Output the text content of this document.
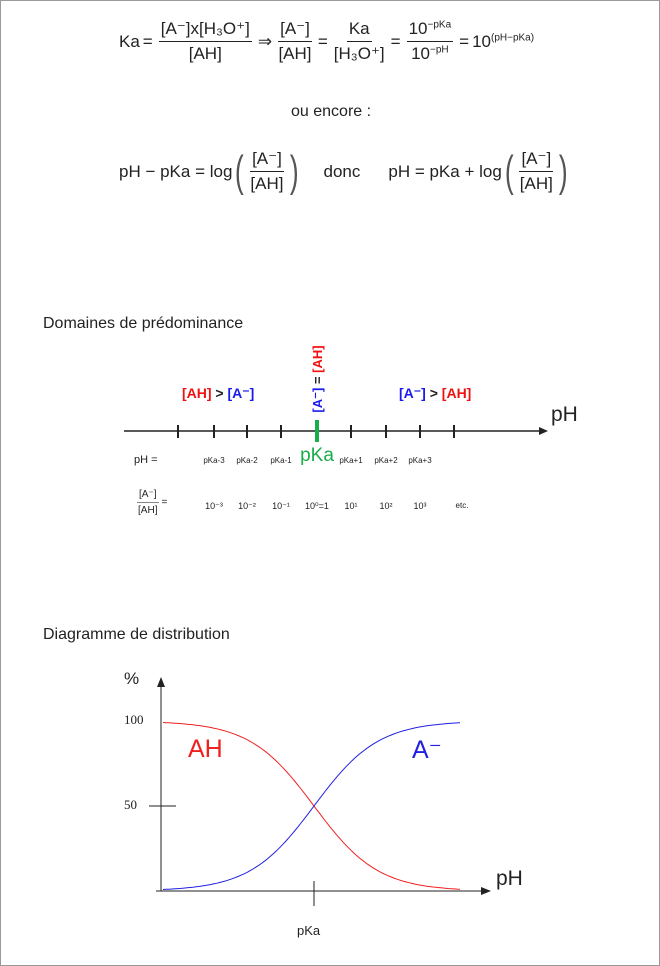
$Ka = \frac{\text{[A⁻]x[H₃O⁺]}}{[AH]}$ ⇒ $\frac{[A^-]}{[AH]} = \frac{Ka}{\text{[H₃O⁺]}} = \frac{10^{-pKa}}{10^{-pH}} = 10^{(pH-pKa)}$
ou encore :
pH − pKa = log ( $\frac{[A^-]}{[AH]}$ ) donc pH = pKa + log ( $\frac{[A^-]}{[AH]}$ )
Domaines de prédominance
[AH] > [A⁻]	[A⁻] > [AH]
[A⁻] = [AH]
pH
pH =	pKa-3	pKa-2	pKa-1 pKa pKa+1	pKa+2	pKa+3
$\frac{[A^-]}{[AH]}$ =	10⁻³	10⁻²	10⁻¹	10⁰=1	10¹	10²	10³	etc.
Diagramme de distribution
%
100
50
pH
pKa
AH	A⁻
